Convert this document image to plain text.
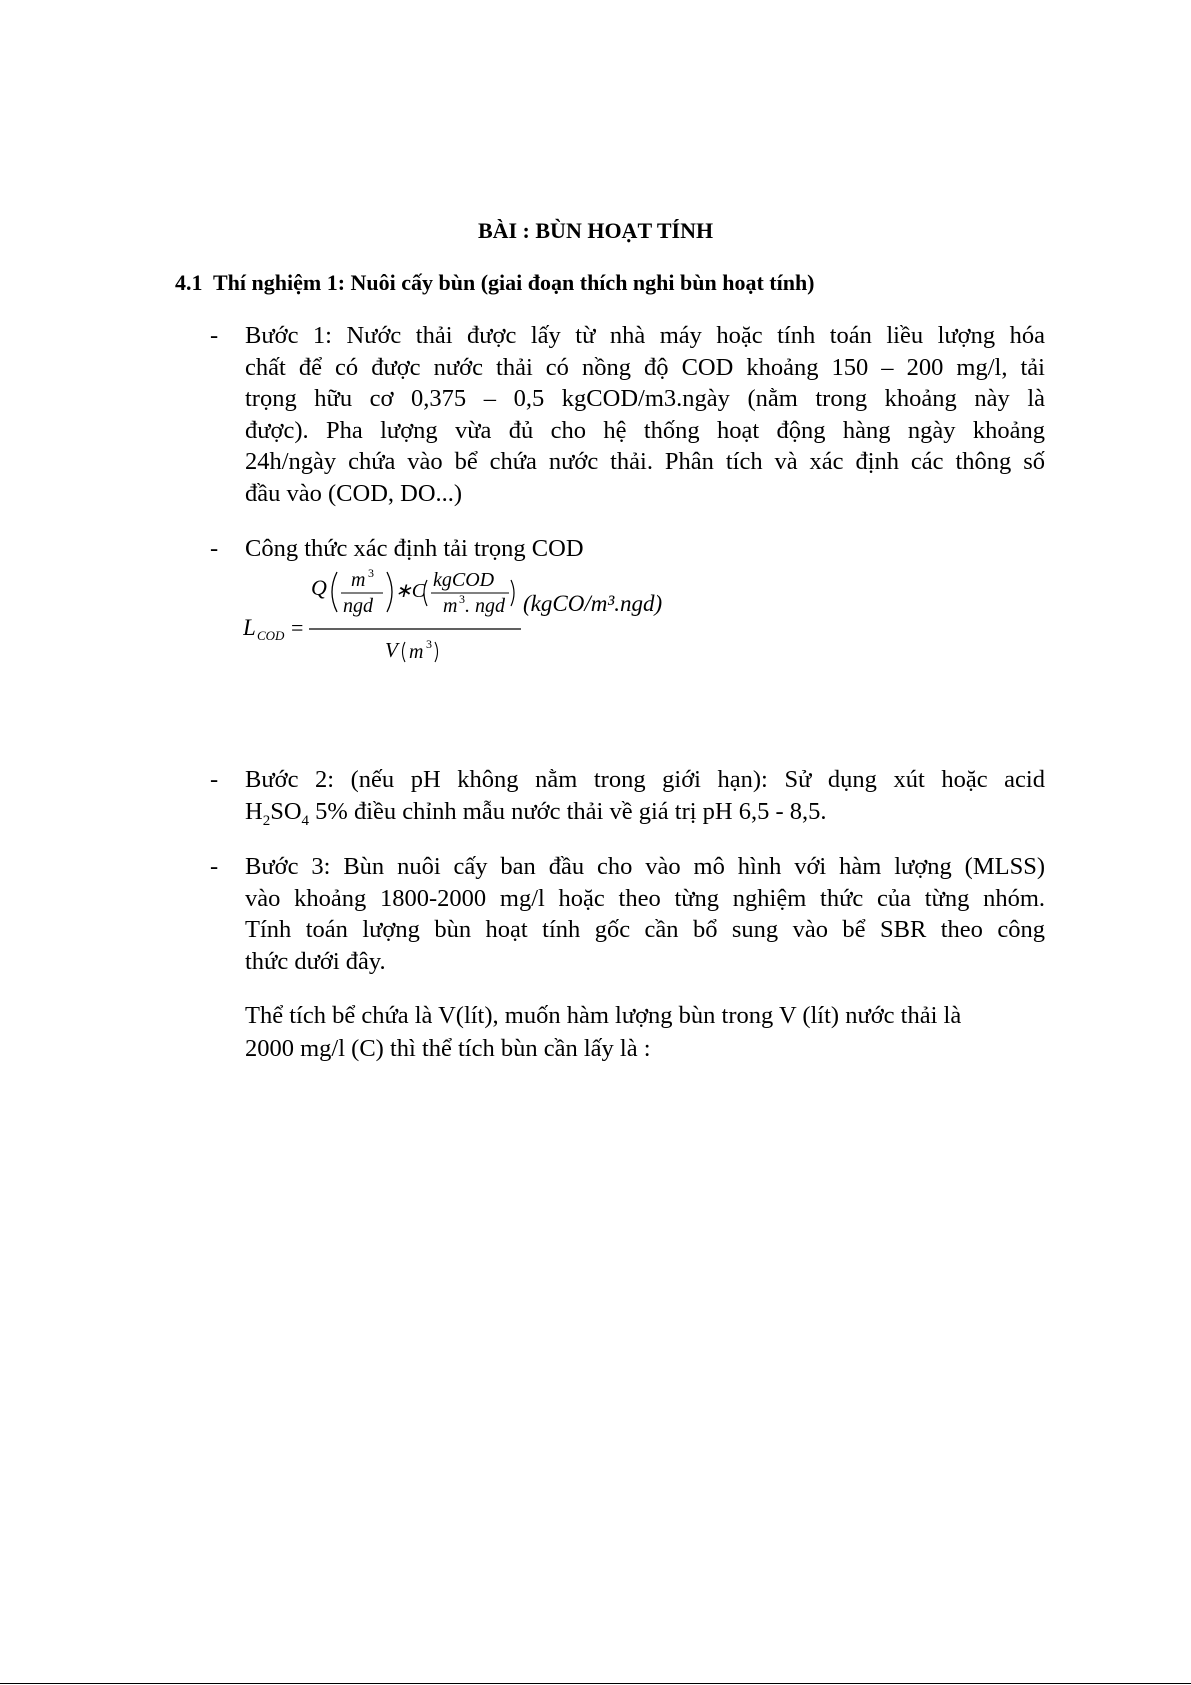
BÀI : BÙN HOẠT TÍNH
4.1 Thí nghiệm 1: Nuôi cấy bùn (giai đoạn thích nghi bùn hoạt tính)
- Bước 1: Nước thải được lấy từ nhà máy hoặc tính toán liều lượng hóa
chất để có được nước thải có nồng độ COD khoảng 150 – 200 mg/l, tải
trọng hữu cơ 0,375 – 0,5 kgCOD/m3.ngày (nằm trong khoảng này là
được). Pha lượng vừa đủ cho hệ thống hoạt động hàng ngày khoảng
24h/ngày chứa vào bể chứa nước thải. Phân tích và xác định các thông số
đầu vào (COD, DO...)
- Công thức xác định tải trọng COD
L COD =
Q m 3
ngd
∗C kgCOD
m 3 . ngd
V m 3
(kgCO/m³.ngd)
- Bước 2: (nếu pH không nằm trong giới hạn): Sử dụng xút hoặc acid
$H_2SO_4$ 5% điều chỉnh mẫu nước thải về giá trị pH 6,5 - 8,5.
- Bước 3: Bùn nuôi cấy ban đầu cho vào mô hình với hàm lượng (MLSS)
vào khoảng 1800-2000 mg/l hoặc theo từng nghiệm thức của từng nhóm.
Tính toán lượng bùn hoạt tính gốc cần bổ sung vào bể SBR theo công
thức dưới đây.
Thể tích bể chứa là V(lít), muốn hàm lượng bùn trong V (lít) nước thải là
2000 mg/l (C) thì thể tích bùn cần lấy là :
